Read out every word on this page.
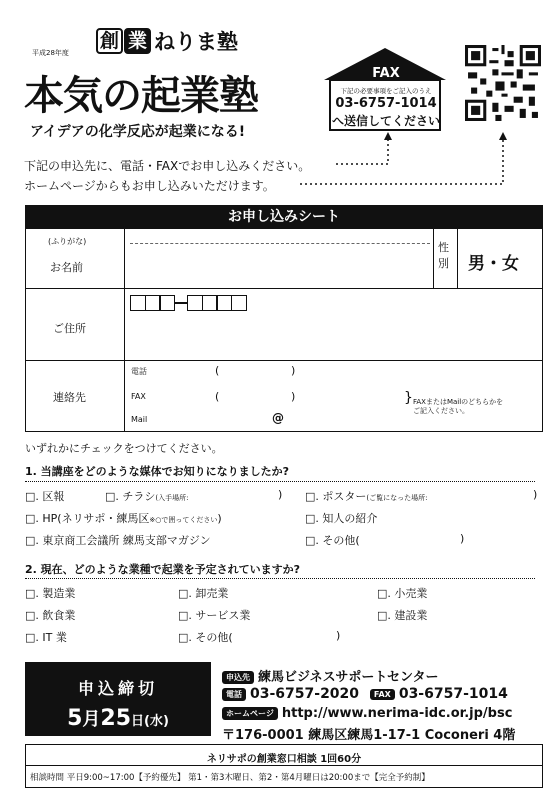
平成28年度
創 業 ねりま塾
本気の起業塾
アイデアの化学反応が起業になる!
FAX
下記の必要事項をご記入のうえ
03-6757-1014
へ送信してください
下記の申込先に、電話・FAXでお申し込みください。
ホームページからもお申し込みいただけます。
お申し込みシート
(ふりがな)
お名前
性別 男・女
ご住所
連絡先
電話	(	)
FAX	(	)
Mail	@
} FAXまたはMailのどちらかを
ご記入ください。
いずれかにチェックをつけてください。
1. 当講座をどのような媒体でお知りになりましたか?
□. 区報	□. チラシ(入手場所:	) □. ポスター(ご覧になった場所:	)
□. HP(ネリサポ・練馬区※○で囲ってください)	□. 知人の紹介
□. 東京商工会議所 練馬支部マガジン	□. その他(	)
2. 現在、どのような業種で起業を予定されていますか?
□. 製造業	□. 卸売業	□. 小売業
□. 飲食業	□. サービス業	□. 建設業
□. IT 業	□. その他(	)
申込締切
5月25日(水)
申込先 練馬ビジネスサポートセンター
電話 03-6757-2020 FAX 03-6757-1014
ホームページ http://www.nerima-idc.or.jp/bsc
〒176-0001 練馬区練馬1-17-1 Coconeri 4階
ネリサポの創業窓口相談 1回60分
相談時間 平日9:00~17:00【予約優先】 第1・第3木曜日、第2・第4月曜日は20:00まで【完全予約制】
